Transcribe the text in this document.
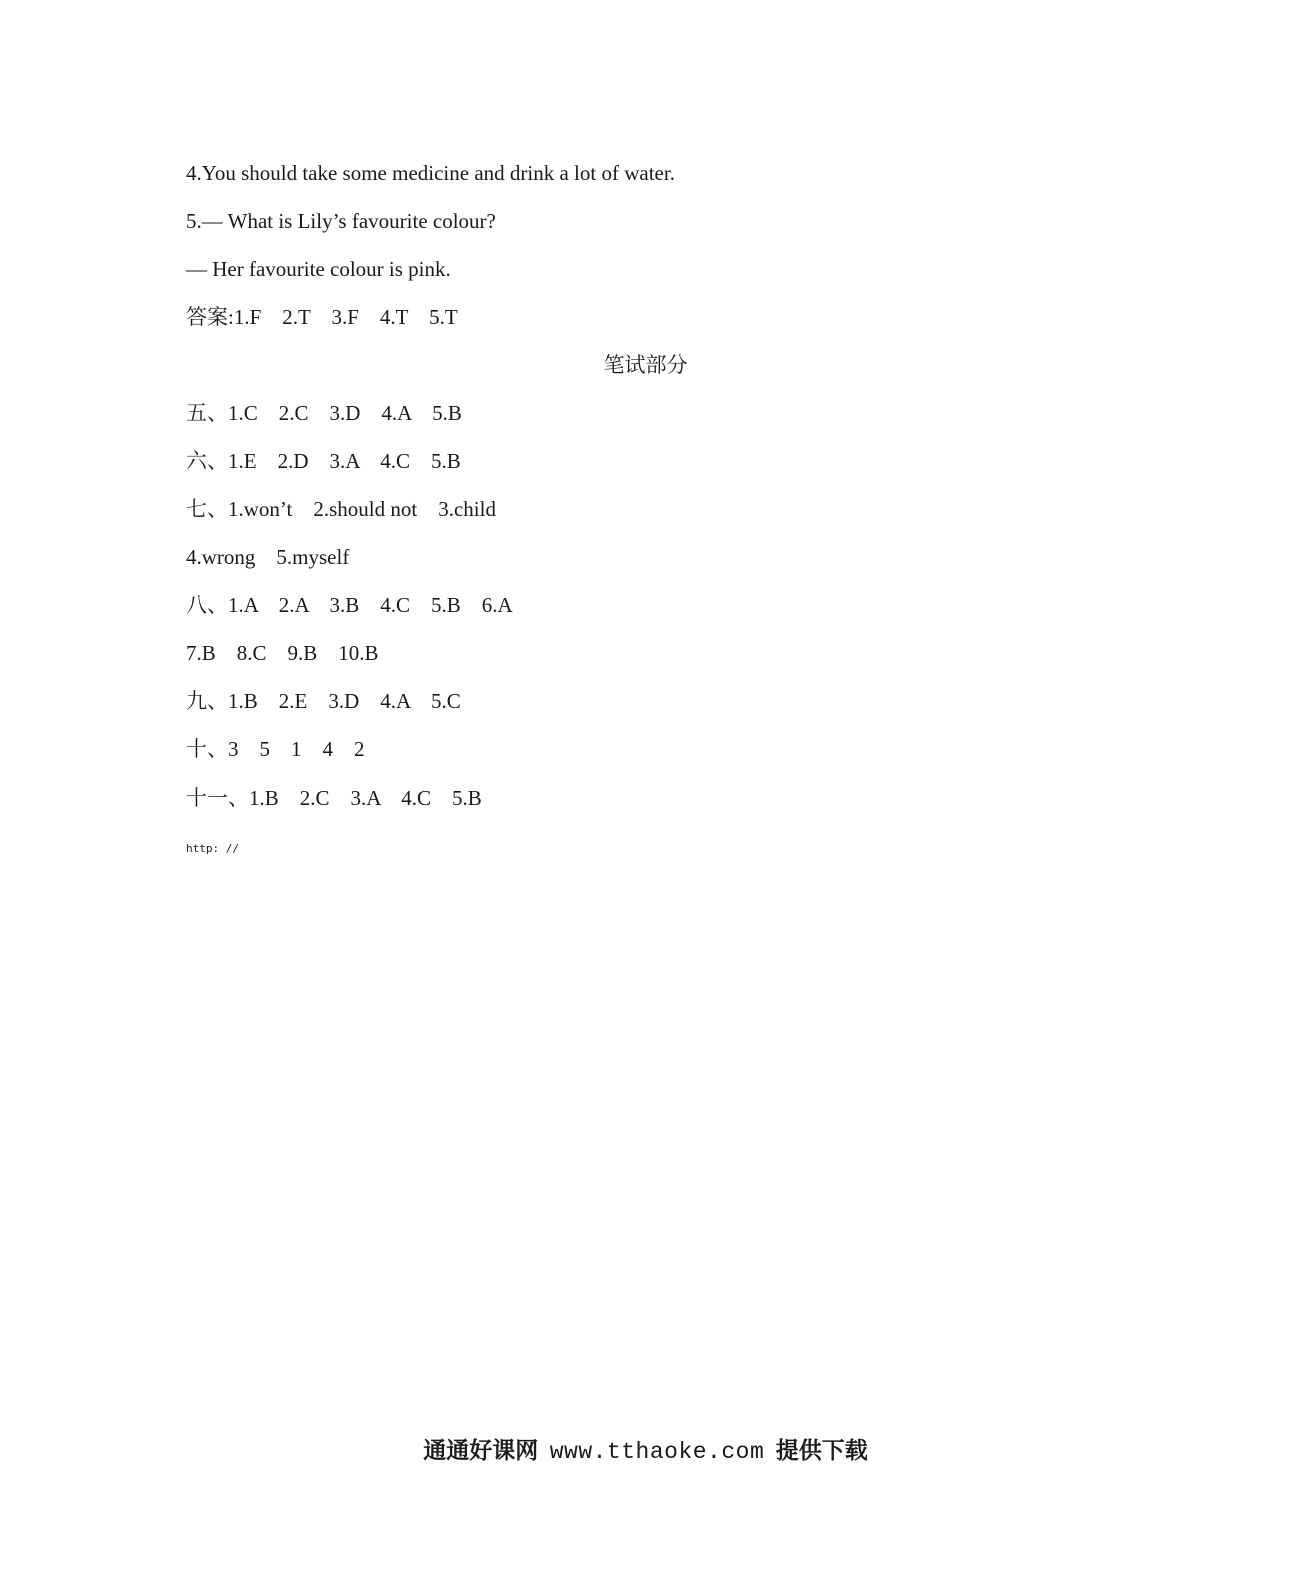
4.You should take some medicine and drink a lot of water.
5.— What is Lily’s favourite colour?
— Her favourite colour is pink.
答案:1.F    2.T    3.F    4.T    5.T
笔试部分
五、1.C    2.C    3.D    4.A    5.B
六、1.E    2.D    3.A    4.C    5.B
七、1.won’t    2.should not    3.child
4.wrong    5.myself
八、1.A    2.A    3.B    4.C    5.B    6.A
7.B    8.C    9.B    10.B
九、1.B    2.E    3.D    4.A    5.C
十、3    5    1    4    2
十一、1.B    2.C    3.A    4.C    5.B
http: //
通通好课网 www.tthaoke.com 提供下载
